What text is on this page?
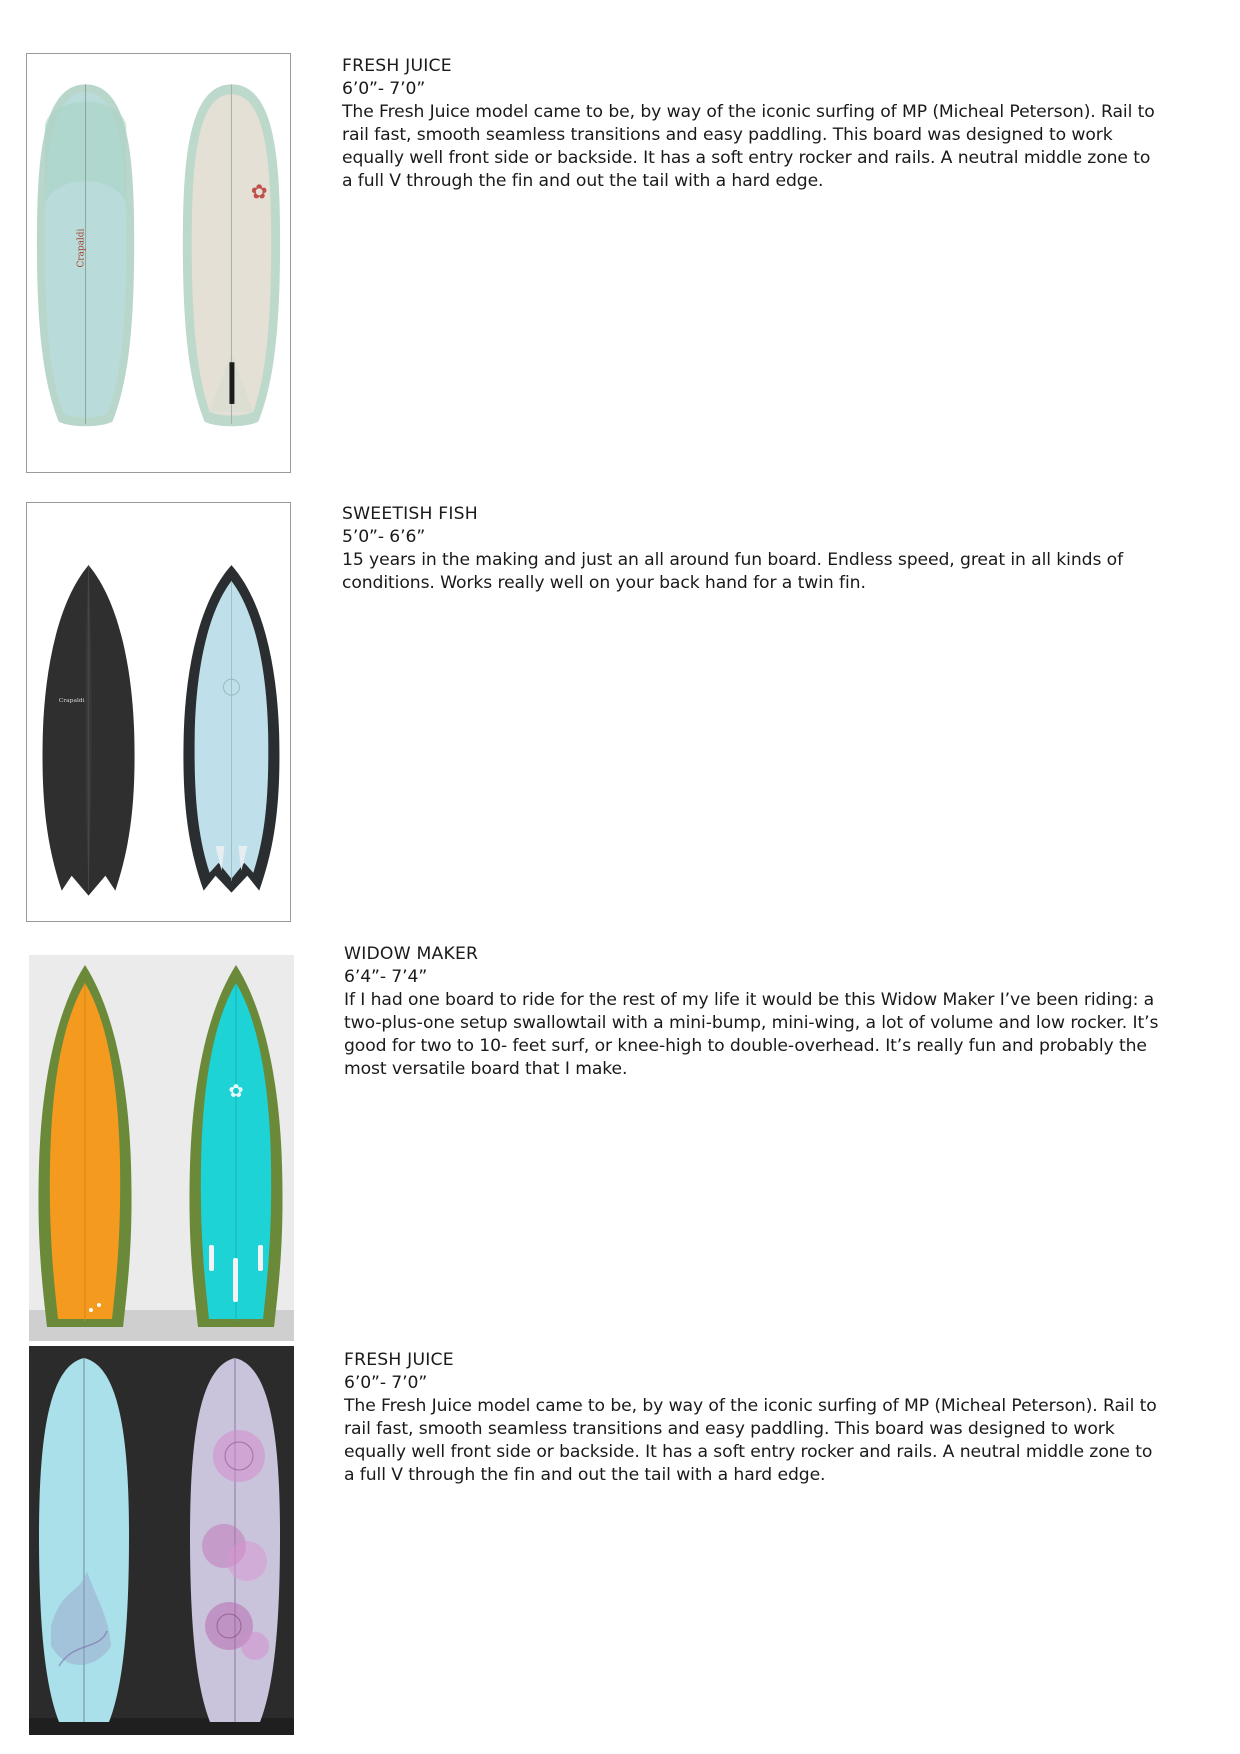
Crapaldi
✿
FRESH JUICE
6’0”- 7’0”
The Fresh Juice model came to be, by way of the iconic surfing of MP (Micheal Peterson). Rail to rail fast, smooth seamless transitions and easy paddling. This board was designed to work equally well front side or backside. It has a soft entry rocker and rails. A neutral middle zone to a full V through the fin and out the tail with a hard edge.
Crapaldi
SWEETISH FISH
5’0”- 6’6”
15 years in the making and just an all around fun board. Endless speed, great in all kinds of conditions. Works really well on your back hand for a twin fin.
✿
WIDOW MAKER
6’4”- 7’4”
If I had one board to ride for the rest of my life it would be this Widow Maker I’ve been riding: a two-plus-one setup swallowtail with a mini-bump, mini-wing, a lot of volume and low rocker. It’s good for two to 10- feet surf, or knee-high to double-overhead. It’s really fun and probably the most versatile board that I make.
FRESH JUICE
6’0”- 7’0”
The Fresh Juice model came to be, by way of the iconic surfing of MP (Micheal Peterson). Rail to rail fast, smooth seamless transitions and easy paddling. This board was designed to work equally well front side or backside. It has a soft entry rocker and rails. A neutral middle zone to a full V through the fin and out the tail with a hard edge.
